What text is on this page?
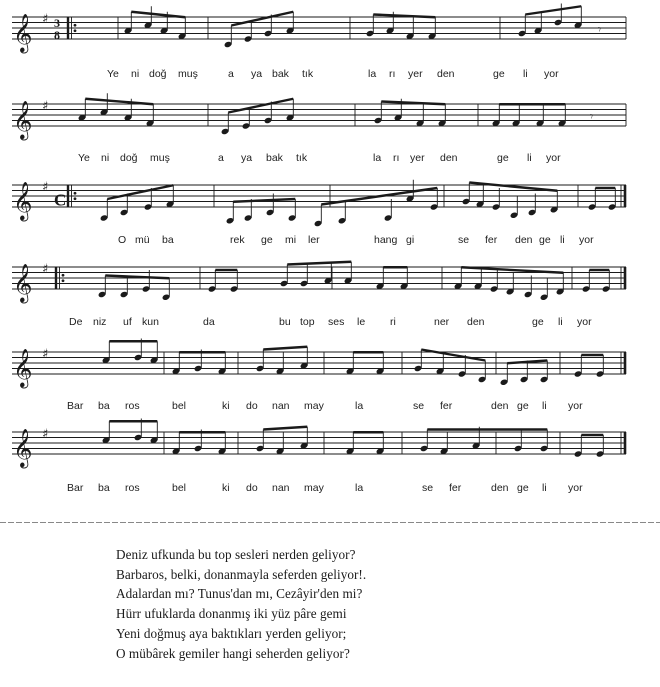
𝄞 ♯ 3
8	𝄾
Ye ni doğ muş	a ya bak tık	la rı yer den	ge li yor
𝄞 ♯
𝄾
Ye ni doğ muş	a ya bak tık	la rı yer den	ge li yor
𝄞 ♯
C
O mü ba	rek ge mi ler	hang gi	se fer den ge li yor
𝄞 ♯
De niz uf kun	da	bu top ses le ri	ner den	ge li yor
𝄞 ♯
Bar ba ros	bel	ki do nan may	la	se fer	den ge li yor
𝄞 ♯
Bar ba ros	bel	ki do nan may	la	se fer	den ge li yor
Deniz ufkunda bu top sesleri nerden geliyor?
Barbaros, belki, donanmayla seferden geliyor!.
Adalardan mı? Tunus'dan mı, Cezâyir'den mi?
Hürr ufuklarda donanmış iki yüz pâre gemi
Yeni doğmuş aya baktıkları yerden geliyor;
O mübârek gemiler hangi seherden geliyor?
